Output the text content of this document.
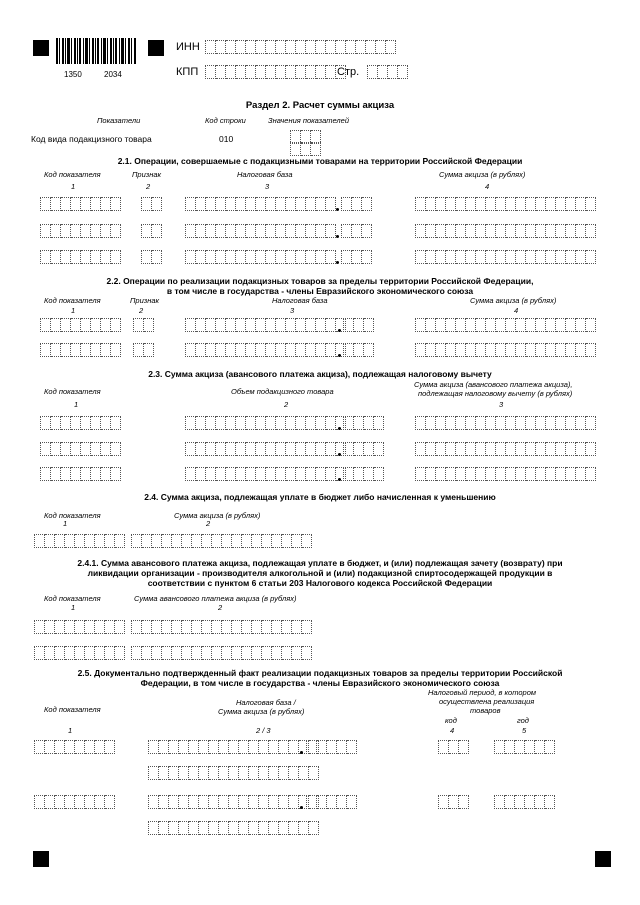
1350	2034
ИНН
КПП	Стр.
Раздел 2. Расчет суммы акциза
Показатели	Код строки	Значения показателей
Код вида подакцизного товара	010
2.1. Операции, совершаемые с подакцизными товарами на территории Российской Федерации
Код показателя	Признак	Налоговая база	Сумма акциза (в рублях)
1	2	3	4
2.2. Операции по реализации подакцизных товаров за пределы территории Российской Федерации,
в том числе в государства - члены Евразийского экономического союза
Код показателя	Признак	Налоговая база	Сумма акциза (в рублях)
1	2	3	4
2.3. Сумма акциза (авансового платежа акциза), подлежащая налоговому вычету
Код показателя	Объем подакцизного товара
Сумма акциза (авансового платежа акциза),
подлежащая налоговому вычету (в рублях)
1	2	3
2.4. Сумма акциза, подлежащая уплате в бюджет либо начисленная к уменьшению
Код показателя	Сумма акциза (в рублях)
1	2
2.4.1. Сумма авансового платежа акциза, подлежащая уплате в бюджет, и (или) подлежащая зачету (возврату) при
ликвидации организации - производителя алкогольной и (или) подакцизной спиртосодержащей продукции в
соответствии с пунктом 6 статьи 203 Налогового кодекса Российской Федерации
Код показателя	Сумма авансового платежа акциза (в рублях)
1	2
2.5. Документально подтвержденный факт реализации подакцизных товаров за пределы территории Российской
Федерации, в том числе в государства - члены Евразийского экономического союза
Код показателя
Налоговая база /
Сумма акциза (в рублях)
Налоговый период, в котором
осуществлена реализация
товаров
код	год
1	2 / 3	4	5
